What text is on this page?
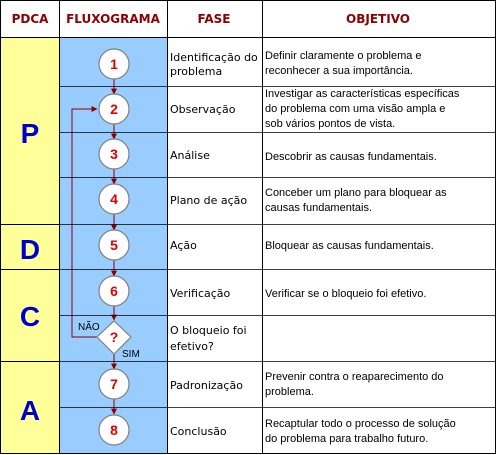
PDCA FLUXOGRAMA	FASE	OBJETIVO
P
D
C
A
1
2
3
4
5
6
?
7
8
NÃO
SIM
Identificação do
problema
Observação
Análise
Plano de ação
Ação
Verificação
O bloqueio foi
efetivo?
Padronização
Conclusão
Definir claramente o problema e
reconhecer a sua importância.
Investigar as características específicas
do problema com uma visão ampla e
sob vários pontos de vista.
Descobrir as causas fundamentais.
Conceber um plano para bloquear as
causas fundamentais.
Bloquear as causas fundamentais.
Verificar se o bloqueio foi efetivo.
Prevenir contra o reaparecimento do
problema.
Recaptular todo o processo de solução
do problema para trabalho futuro.
